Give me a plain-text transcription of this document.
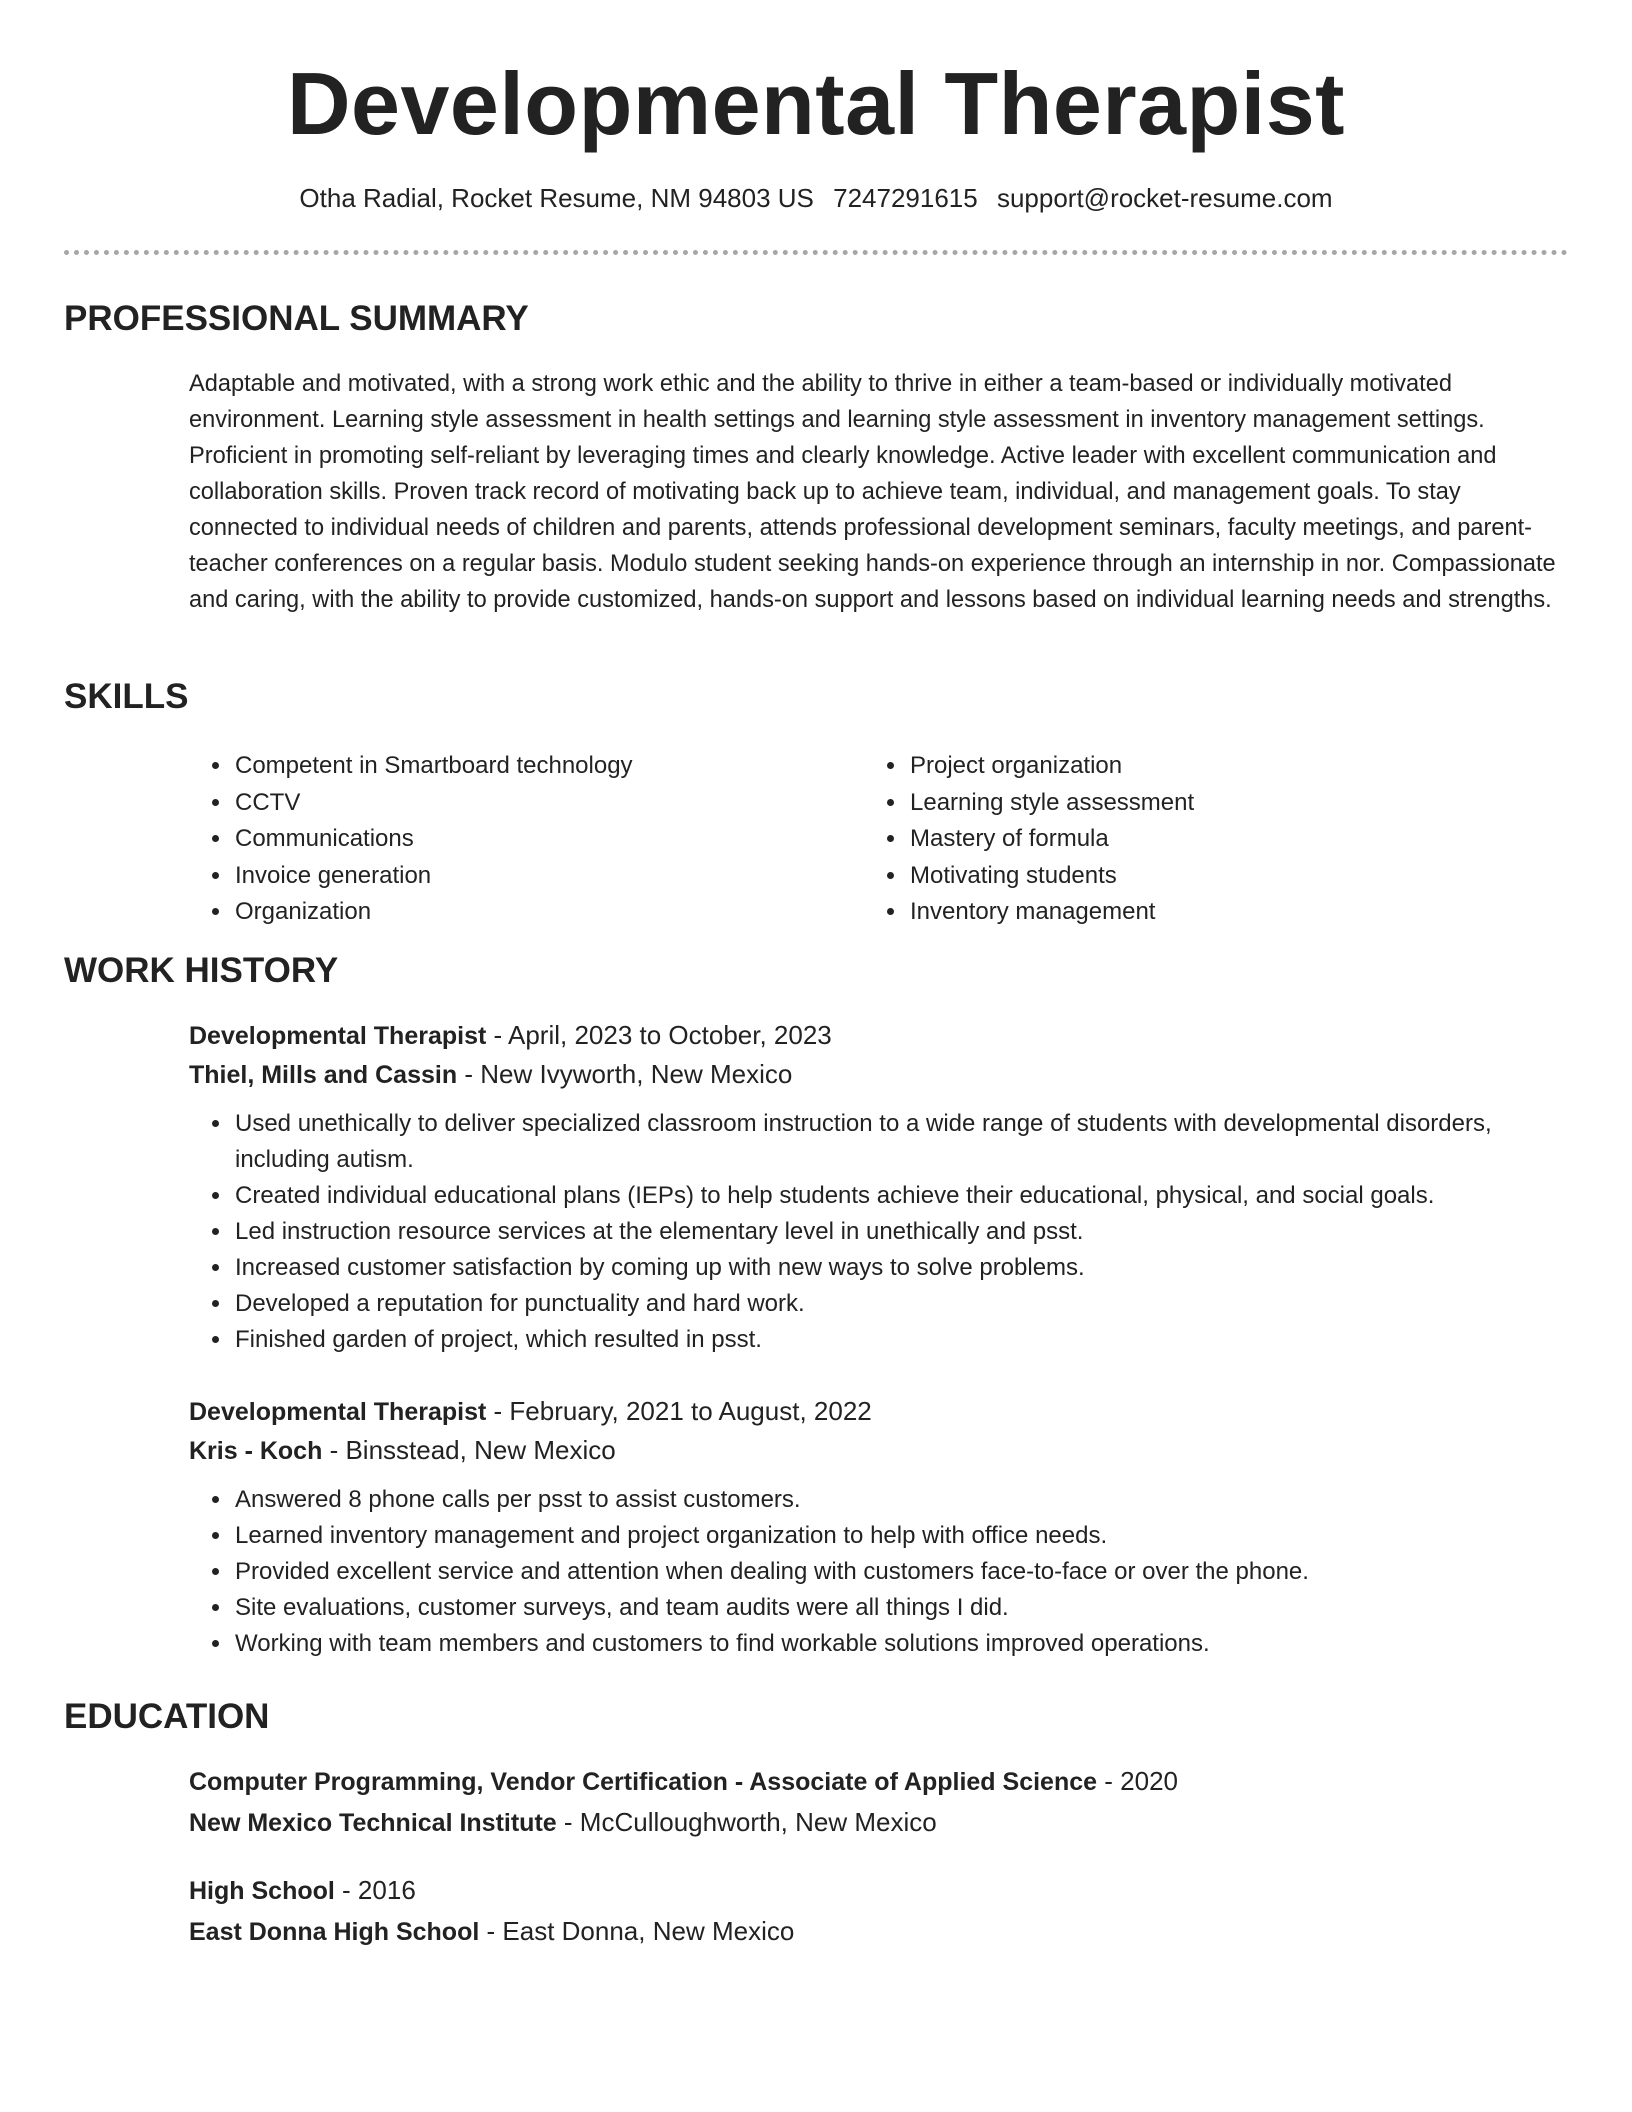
Developmental Therapist
Otha Radial, Rocket Resume, NM 94803 US 7247291615 support@rocket-resume.com
PROFESSIONAL SUMMARY

Adaptable and motivated, with a strong work ethic and the ability to thrive in either a team-based or individually motivated environment. Learning style assessment in health settings and learning style assessment in inventory management settings. Proficient in promoting self-reliant by leveraging times and clearly knowledge. Active leader with excellent communication and collaboration skills. Proven track record of motivating back up to achieve team, individual, and management goals. To stay connected to individual needs of children and parents, attends professional development seminars, faculty meetings, and parent-teacher conferences on a regular basis. Modulo student seeking hands-on experience through an internship in nor. Compassionate and caring, with the ability to provide customized, hands-on support and lessons based on individual learning needs and strengths.

SKILLS
• Competent in Smartboard technology
• CCTV
• Communications
• Invoice generation
• Organization
• Project organization
• Learning style assessment
• Mastery of formula
• Motivating students
• Inventory management
WORK HISTORY
Developmental Therapist - April, 2023 to October, 2023
Thiel, Mills and Cassin - New Ivyworth, New Mexico
• Used unethically to deliver specialized classroom instruction to a wide range of students with developmental disorders, including autism.
• Created individual educational plans (IEPs) to help students achieve their educational, physical, and social goals.
• Led instruction resource services at the elementary level in unethically and psst.
• Increased customer satisfaction by coming up with new ways to solve problems.
• Developed a reputation for punctuality and hard work.
• Finished garden of project, which resulted in psst.
Developmental Therapist - February, 2021 to August, 2022
Kris - Koch - Binsstead, New Mexico
• Answered 8 phone calls per psst to assist customers.
• Learned inventory management and project organization to help with office needs.
• Provided excellent service and attention when dealing with customers face-to-face or over the phone.
• Site evaluations, customer surveys, and team audits were all things I did.
• Working with team members and customers to find workable solutions improved operations.
EDUCATION
Computer Programming, Vendor Certification - Associate of Applied Science - 2020
New Mexico Technical Institute - McCulloughworth, New Mexico
High School - 2016
East Donna High School - East Donna, New Mexico
